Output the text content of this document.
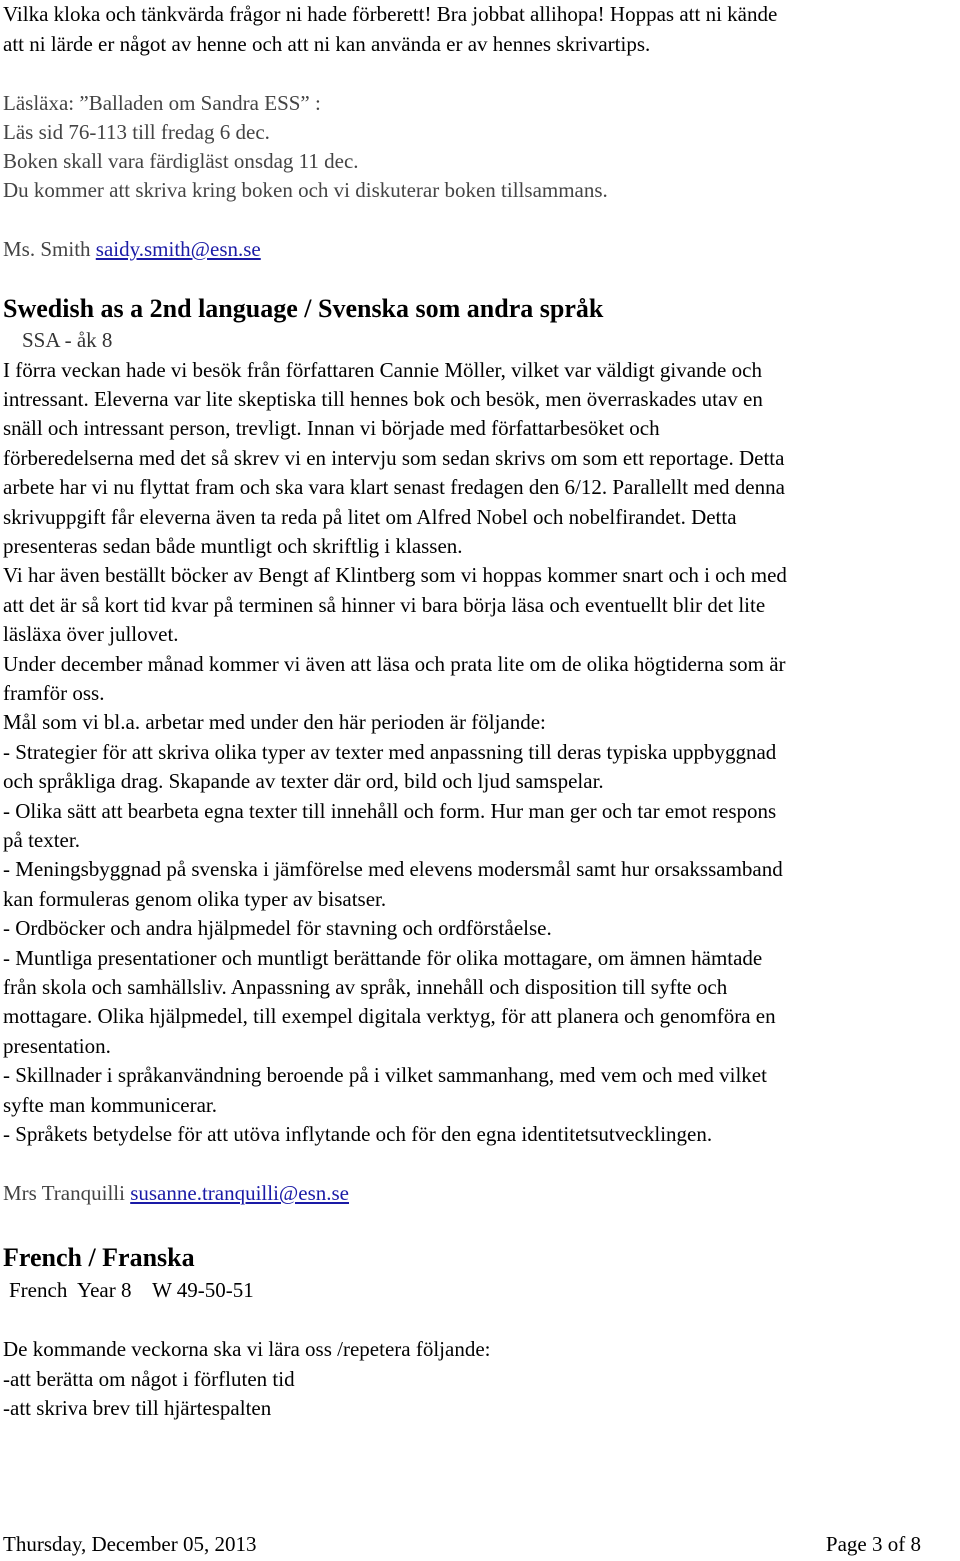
Vilka kloka och tänkvärda frågor ni hade förberett! Bra jobbat allihopa! Hoppas att ni kände
att ni lärde er något av henne och att ni kan använda er av hennes skrivartips.
Läsläxa: ”Balladen om Sandra ESS” :
Läs sid 76-113 till fredag 6 dec.
Boken skall vara färdigläst onsdag 11 dec.
Du kommer att skriva kring boken och vi diskuterar boken tillsammans.
Ms. Smith saidy.smith@esn.se
Swedish as a 2nd language / Svenska som andra språk
SSA - åk 8
I förra veckan hade vi besök från författaren Cannie Möller, vilket var väldigt givande och
intressant. Eleverna var lite skeptiska till hennes bok och besök, men överraskades utav en
snäll och intressant person, trevligt. Innan vi började med författarbesöket och
förberedelserna med det så skrev vi en intervju som sedan skrivs om som ett reportage. Detta
arbete har vi nu flyttat fram och ska vara klart senast fredagen den 6/12. Parallellt med denna
skrivuppgift får eleverna även ta reda på litet om Alfred Nobel och nobelfirandet. Detta
presenteras sedan både muntligt och skriftlig i klassen.
Vi har även beställt böcker av Bengt af Klintberg som vi hoppas kommer snart och i och med
att det är så kort tid kvar på terminen så hinner vi bara börja läsa och eventuellt blir det lite
läsläxa över jullovet.
Under december månad kommer vi även att läsa och prata lite om de olika högtiderna som är
framför oss.
Mål som vi bl.a. arbetar med under den här perioden är följande:
- Strategier för att skriva olika typer av texter med anpassning till deras typiska uppbyggnad
och språkliga drag. Skapande av texter där ord, bild och ljud samspelar.
- Olika sätt att bearbeta egna texter till innehåll och form. Hur man ger och tar emot respons
på texter.
- Meningsbyggnad på svenska i jämförelse med elevens modersmål samt hur orsakssamband
kan formuleras genom olika typer av bisatser.
- Ordböcker och andra hjälpmedel för stavning och ordförståelse.
- Muntliga presentationer och muntligt berättande för olika mottagare, om ämnen hämtade
från skola och samhällsliv. Anpassning av språk, innehåll och disposition till syfte och
mottagare. Olika hjälpmedel, till exempel digitala verktyg, för att planera och genomföra en
presentation.
- Skillnader i språkanvändning beroende på i vilket sammanhang, med vem och med vilket
syfte man kommunicerar.
- Språkets betydelse för att utöva inflytande och för den egna identitetsutvecklingen.
Mrs Tranquilli susanne.tranquilli@esn.se
French / Franska
French  Year 8    W 49-50-51
De kommande veckorna ska vi lära oss /repetera följande:
-att berätta om något i förfluten tid
-att skriva brev till hjärtespalten
Thursday, December 05, 2013	Page 3 of 8
